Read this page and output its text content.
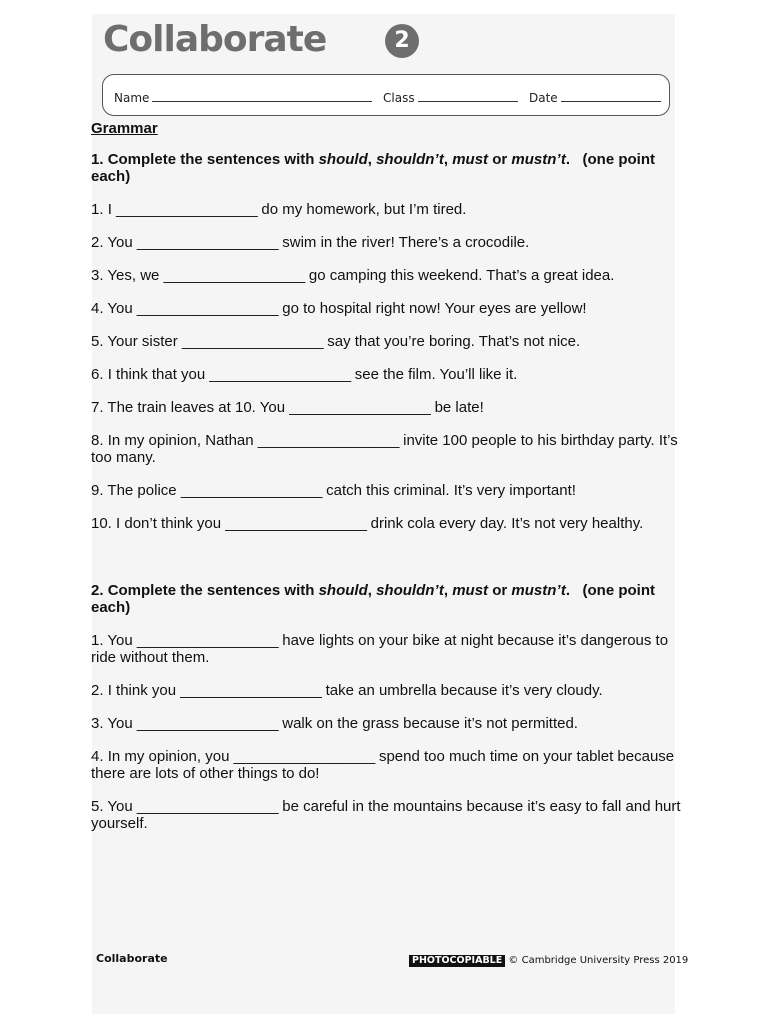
Collaborate	2
Name	Class	Date
Grammar
1. Complete the sentences with should, shouldn’t, must or mustn’t.   (one point each)
1. I __________________ do my homework, but I’m tired.
2. You __________________ swim in the river! There’s a crocodile.
3. Yes, we __________________ go camping this weekend. That’s a great idea.
4. You __________________ go to hospital right now! Your eyes are yellow!
5. Your sister __________________ say that you’re boring. That’s not nice.
6. I think that you __________________ see the film. You’ll like it.
7. The train leaves at 10. You __________________ be late!
8. In my opinion, Nathan __________________ invite 100 people to his birthday party. It’s too many.
9. The police __________________ catch this criminal. It’s very important!
10. I don’t think you __________________ drink cola every day. It’s not very healthy.
2. Complete the sentences with should, shouldn’t, must or mustn’t.   (one point each)
1. You __________________ have lights on your bike at night because it’s dangerous to ride without them.
2. I think you __________________ take an umbrella because it’s very cloudy.
3. You __________________ walk on the grass because it’s not permitted.
4. In my opinion, you __________________ spend too much time on your tablet because there are lots of other things to do!
5. You __________________ be careful in the mountains because it’s easy to fall and hurt yourself.
Collaborate	PHOTOCOPIABLE © Cambridge University Press 2019
